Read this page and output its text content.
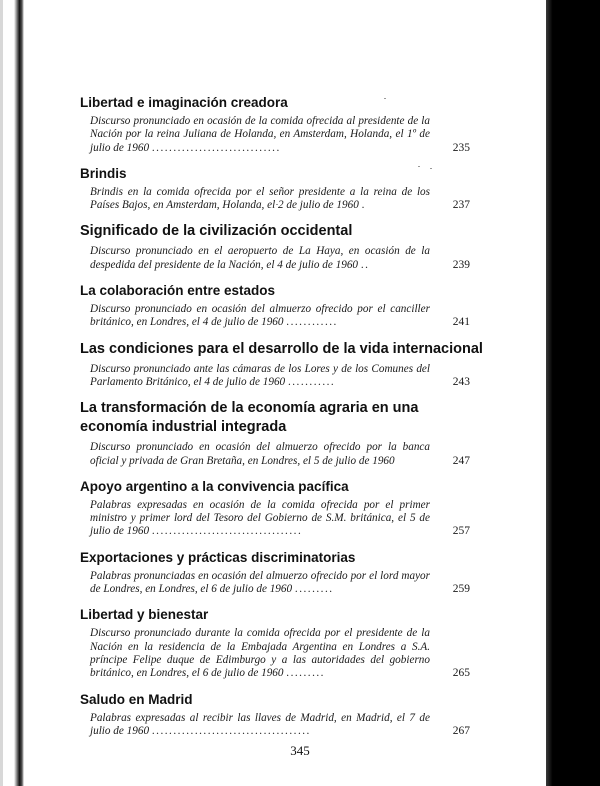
Libertad e imaginación creadora
Discurso pronunciado en ocasión de la comida ofrecida al presidente de la Nación por la reina Juliana de Holanda, en Amsterdam, Holanda, el 1º de julio de 1960 ..............................	235
Brindis
Brindis en la comida ofrecida por el señor presidente a la reina de los Países Bajos, en Amsterdam, Holanda, el 2 de julio de 1960 .	237
Significado de la civilización occidental
Discurso pronunciado en el aeropuerto de La Haya, en ocasión de la despedida del presidente de la Nación, el 4 de julio de 1960 ..	239
La colaboración entre estados
Discurso pronunciado en ocasión del almuerzo ofrecido por el canciller británico, en Londres, el 4 de julio de 1960 ............	241
Las condiciones para el desarrollo de la vida internacional
Discurso pronunciado ante las cámaras de los Lores y de los Comunes del Parlamento Británico, el 4 de julio de 1960 ...........	243
La transformación de la economía agraria en una economía industrial integrada
Discurso pronunciado en ocasión del almuerzo ofrecido por la banca oficial y privada de Gran Bretaña, en Londres, el 5 de julio de 1960	247
Apoyo argentino a la convivencia pacífica
Palabras expresadas en ocasión de la comida ofrecida por el primer ministro y primer lord del Tesoro del Gobierno de S.M. británica, el 5 de julio de 1960 ...................................	257
Exportaciones y prácticas discriminatorias
Palabras pronunciadas en ocasión del almuerzo ofrecido por el lord mayor de Londres, en Londres, el 6 de julio de 1960 .........	259
Libertad y bienestar
Discurso pronunciado durante la comida ofrecida por el presidente de la Nación en la residencia de la Embajada Argentina en Londres a S.A. príncipe Felipe duque de Edimburgo y a las autoridades del gobierno británico, en Londres, el 6 de julio de 1960 .........	265
Saludo en Madrid
Palabras expresadas al recibir las llaves de Madrid, en Madrid, el 7 de julio de 1960 .....................................	267
345
